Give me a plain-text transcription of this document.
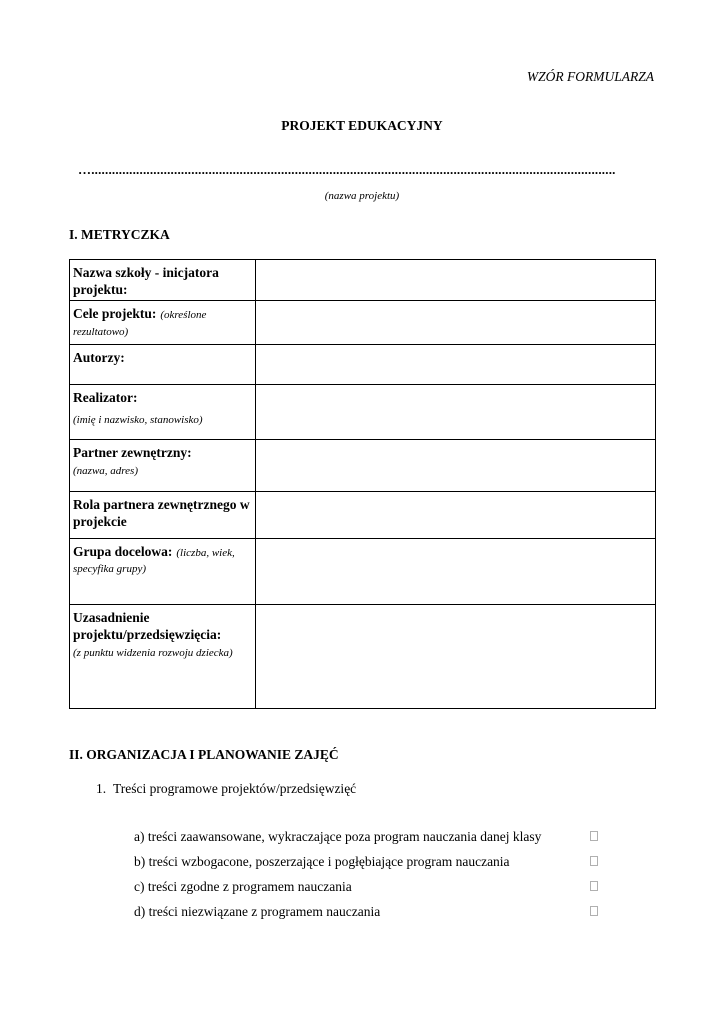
WZÓR FORMULARZA
PROJEKT EDUKACYJNY
…........................................................................................................................................................
(nazwa projektu)
I. METRYCZKA
Nazwa szkoły - inicjatora projektu:	

Cele projektu: (określone rezultatowo)	

Autorzy:	

Realizator:
(imię i nazwisko, stanowisko)	

Partner zewnętrzny:
(nazwa, adres)	

Rola partnera zewnętrznego w projekcie	

Grupa docelowa: (liczba, wiek, specyfika grupy)	

Uzasadnienie projektu/przedsięwzięcia:
(z punktu widzenia rozwoju dziecka)	

II. ORGANIZACJA I PLANOWANIE ZAJĘĆ
1. Treści programowe projektów/przedsięwzięć
a) treści zaawansowane, wykraczające poza program nauczania danej klasy
b) treści wzbogacone, poszerzające i pogłębiające program nauczania
c) treści zgodne z programem nauczania
d) treści niezwiązane z programem nauczania
